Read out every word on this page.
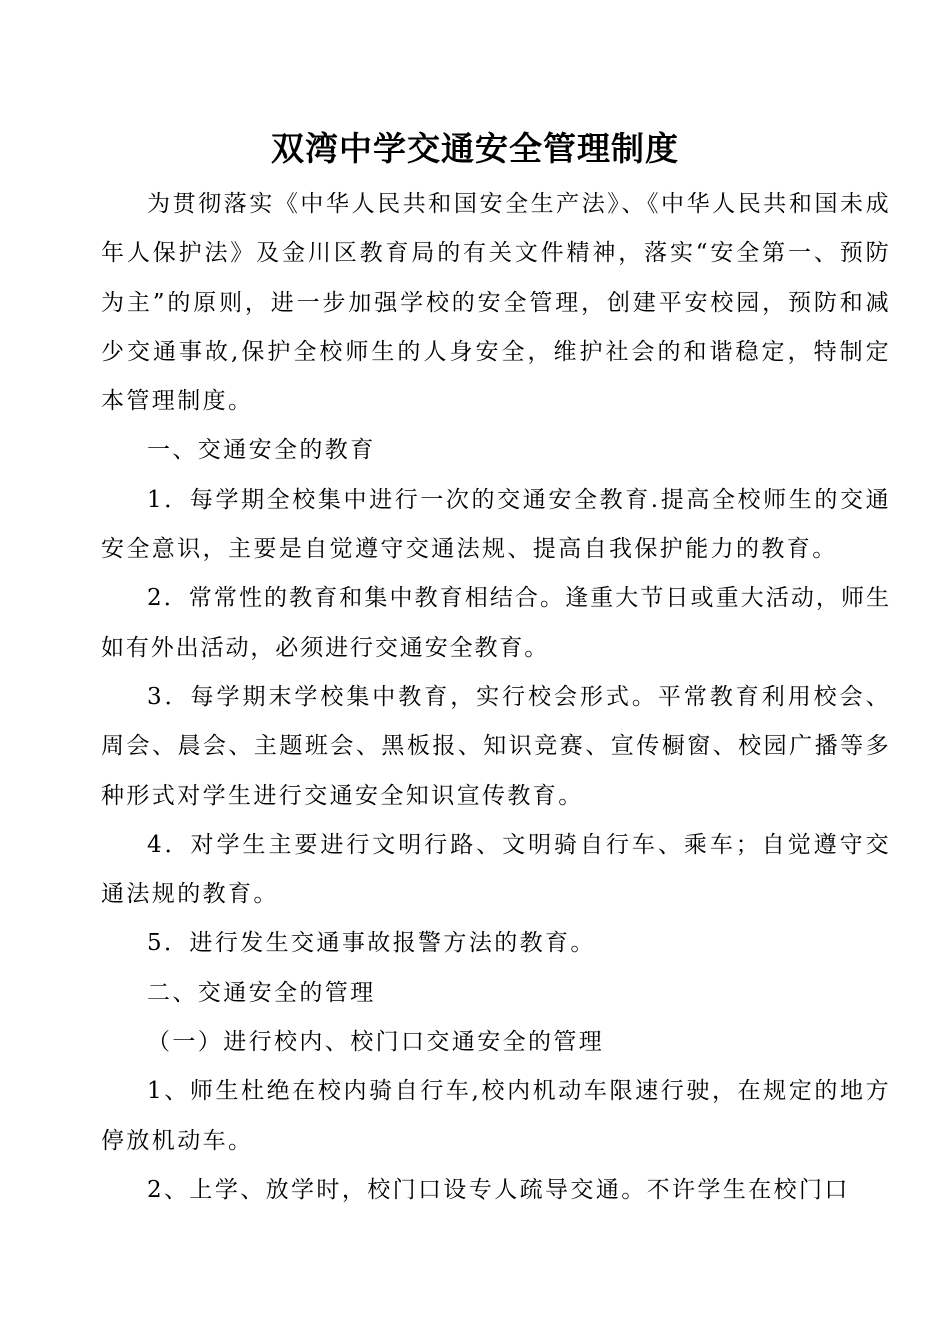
双湾中学交通安全管理制度

为贯彻落实《中华人民共和国安全生产法》、《中华人民共和国未成年人保护法》及金川区教育局的有关文件精神，落实“安全第一、预防为主”的原则，进一步加强学校的安全管理，创建平安校园，预防和减少交通事故,保护全校师生的人身安全，维护社会的和谐稳定，特制定本管理制度。

一、交通安全的教育

1．每学期全校集中进行一次的交通安全教育.提高全校师生的交通安全意识，主要是自觉遵守交通法规、提高自我保护能力的教育。

2．常常性的教育和集中教育相结合。逢重大节日或重大活动，师生如有外出活动，必须进行交通安全教育。

3．每学期末学校集中教育，实行校会形式。平常教育利用校会、周会、晨会、主题班会、黑板报、知识竞赛、宣传橱窗、校园广播等多种形式对学生进行交通安全知识宣传教育。

4．对学生主要进行文明行路、文明骑自行车、乘车；自觉遵守交通法规的教育。

5．进行发生交通事故报警方法的教育。

二、交通安全的管理

（一）进行校内、校门口交通安全的管理

1、师生杜绝在校内骑自行车,校内机动车限速行驶，在规定的地方停放机动车。

2、上学、放学时，校门口设专人疏导交通。不许学生在校门口
